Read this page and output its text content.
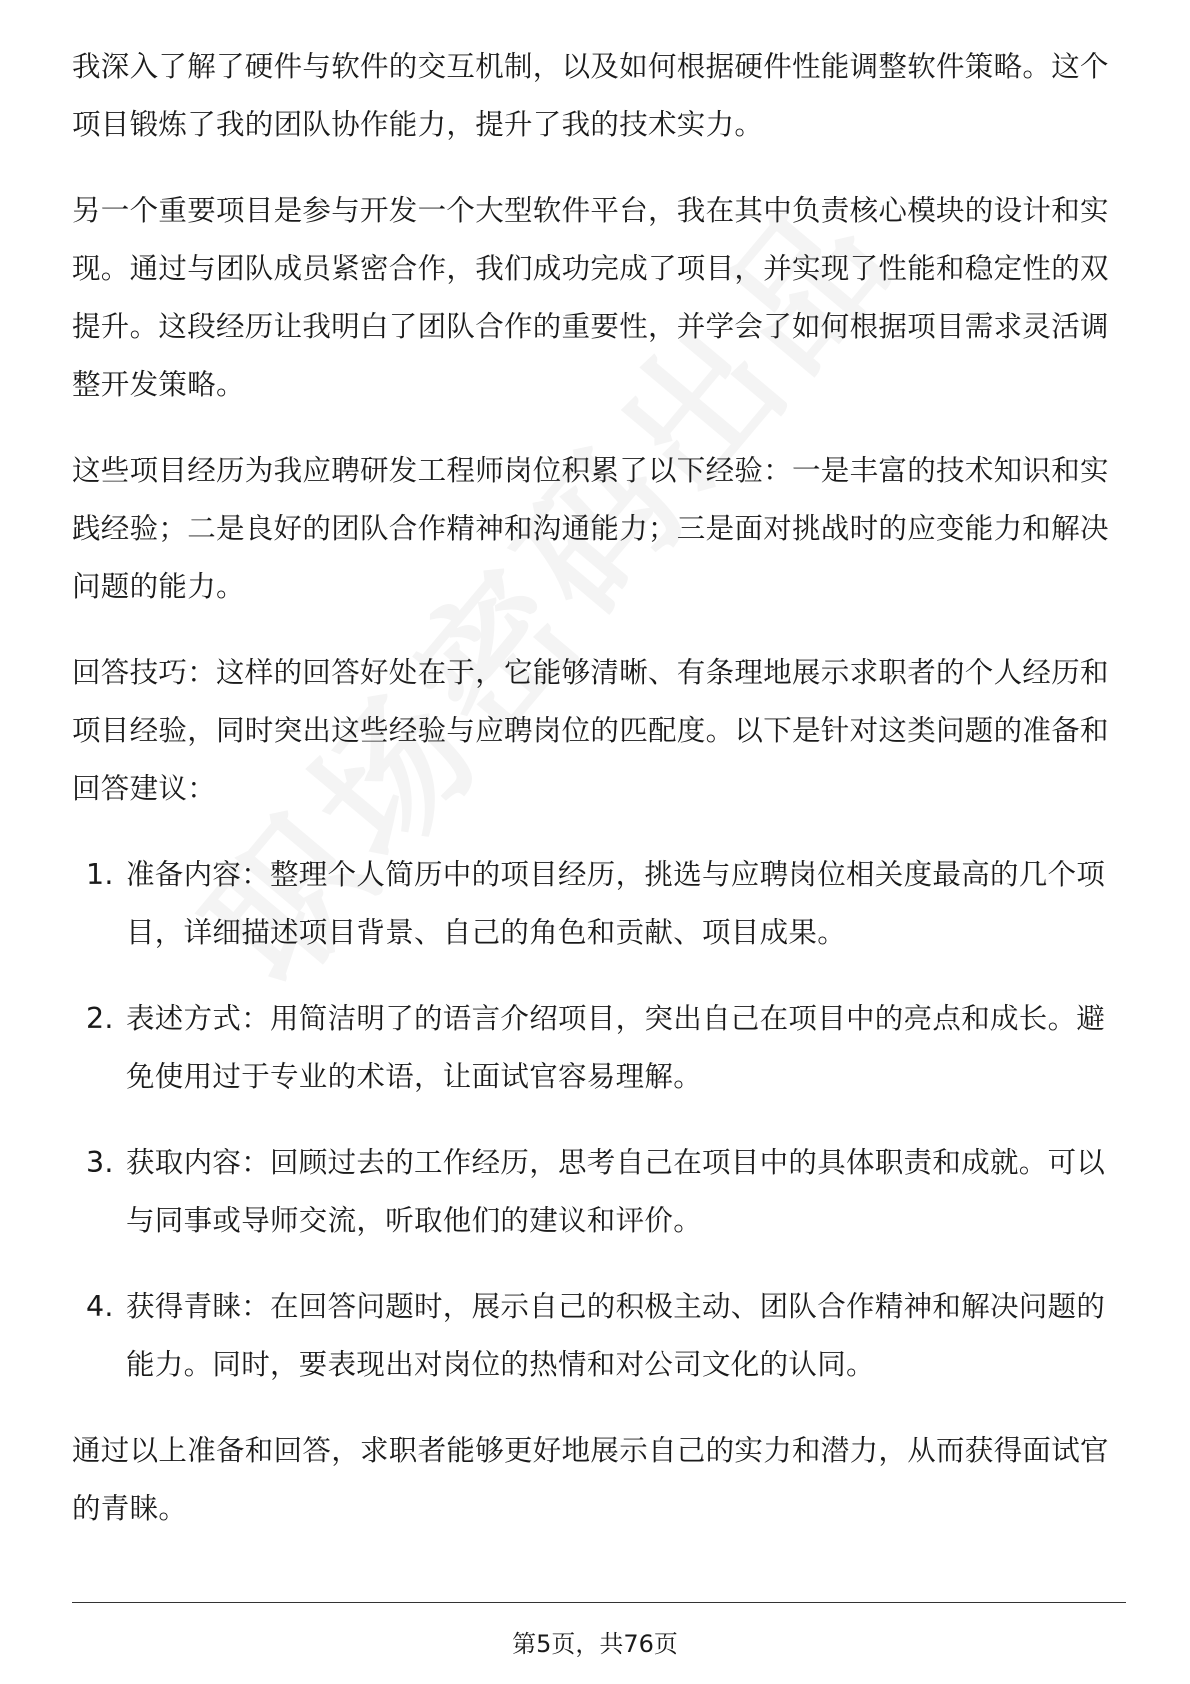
我深入了解了硬件与软件的交互机制，以及如何根据硬件性能调整软件策略。这个项目锻炼了我的团队协作能力，提升了我的技术实力。

另一个重要项目是参与开发一个大型软件平台，我在其中负责核心模块的设计和实现。通过与团队成员紧密合作，我们成功完成了项目，并实现了性能和稳定性的双提升。这段经历让我明白了团队合作的重要性，并学会了如何根据项目需求灵活调整开发策略。

这些项目经历为我应聘研发工程师岗位积累了以下经验：一是丰富的技术知识和实践经验；二是良好的团队合作精神和沟通能力；三是面对挑战时的应变能力和解决问题的能力。

回答技巧：这样的回答好处在于，它能够清晰、有条理地展示求职者的个人经历和项目经验，同时突出这些经验与应聘岗位的匹配度。以下是针对这类问题的准备和回答建议：

1. 准备内容：整理个人简历中的项目经历，挑选与应聘岗位相关度最高的几个项目，详细描述项目背景、自己的角色和贡献、项目成果。
2. 表述方式：用简洁明了的语言介绍项目，突出自己在项目中的亮点和成长。避免使用过于专业的术语，让面试官容易理解。
3. 获取内容：回顾过去的工作经历，思考自己在项目中的具体职责和成就。可以与同事或导师交流，听取他们的建议和评价。
4. 获得青睐：在回答问题时，展示自己的积极主动、团队合作精神和解决问题的能力。同时，要表现出对岗位的热情和对公司文化的认同。

通过以上准备和回答，求职者能够更好地展示自己的实力和潜力，从而获得面试官的青睐。

第5页，共76页
